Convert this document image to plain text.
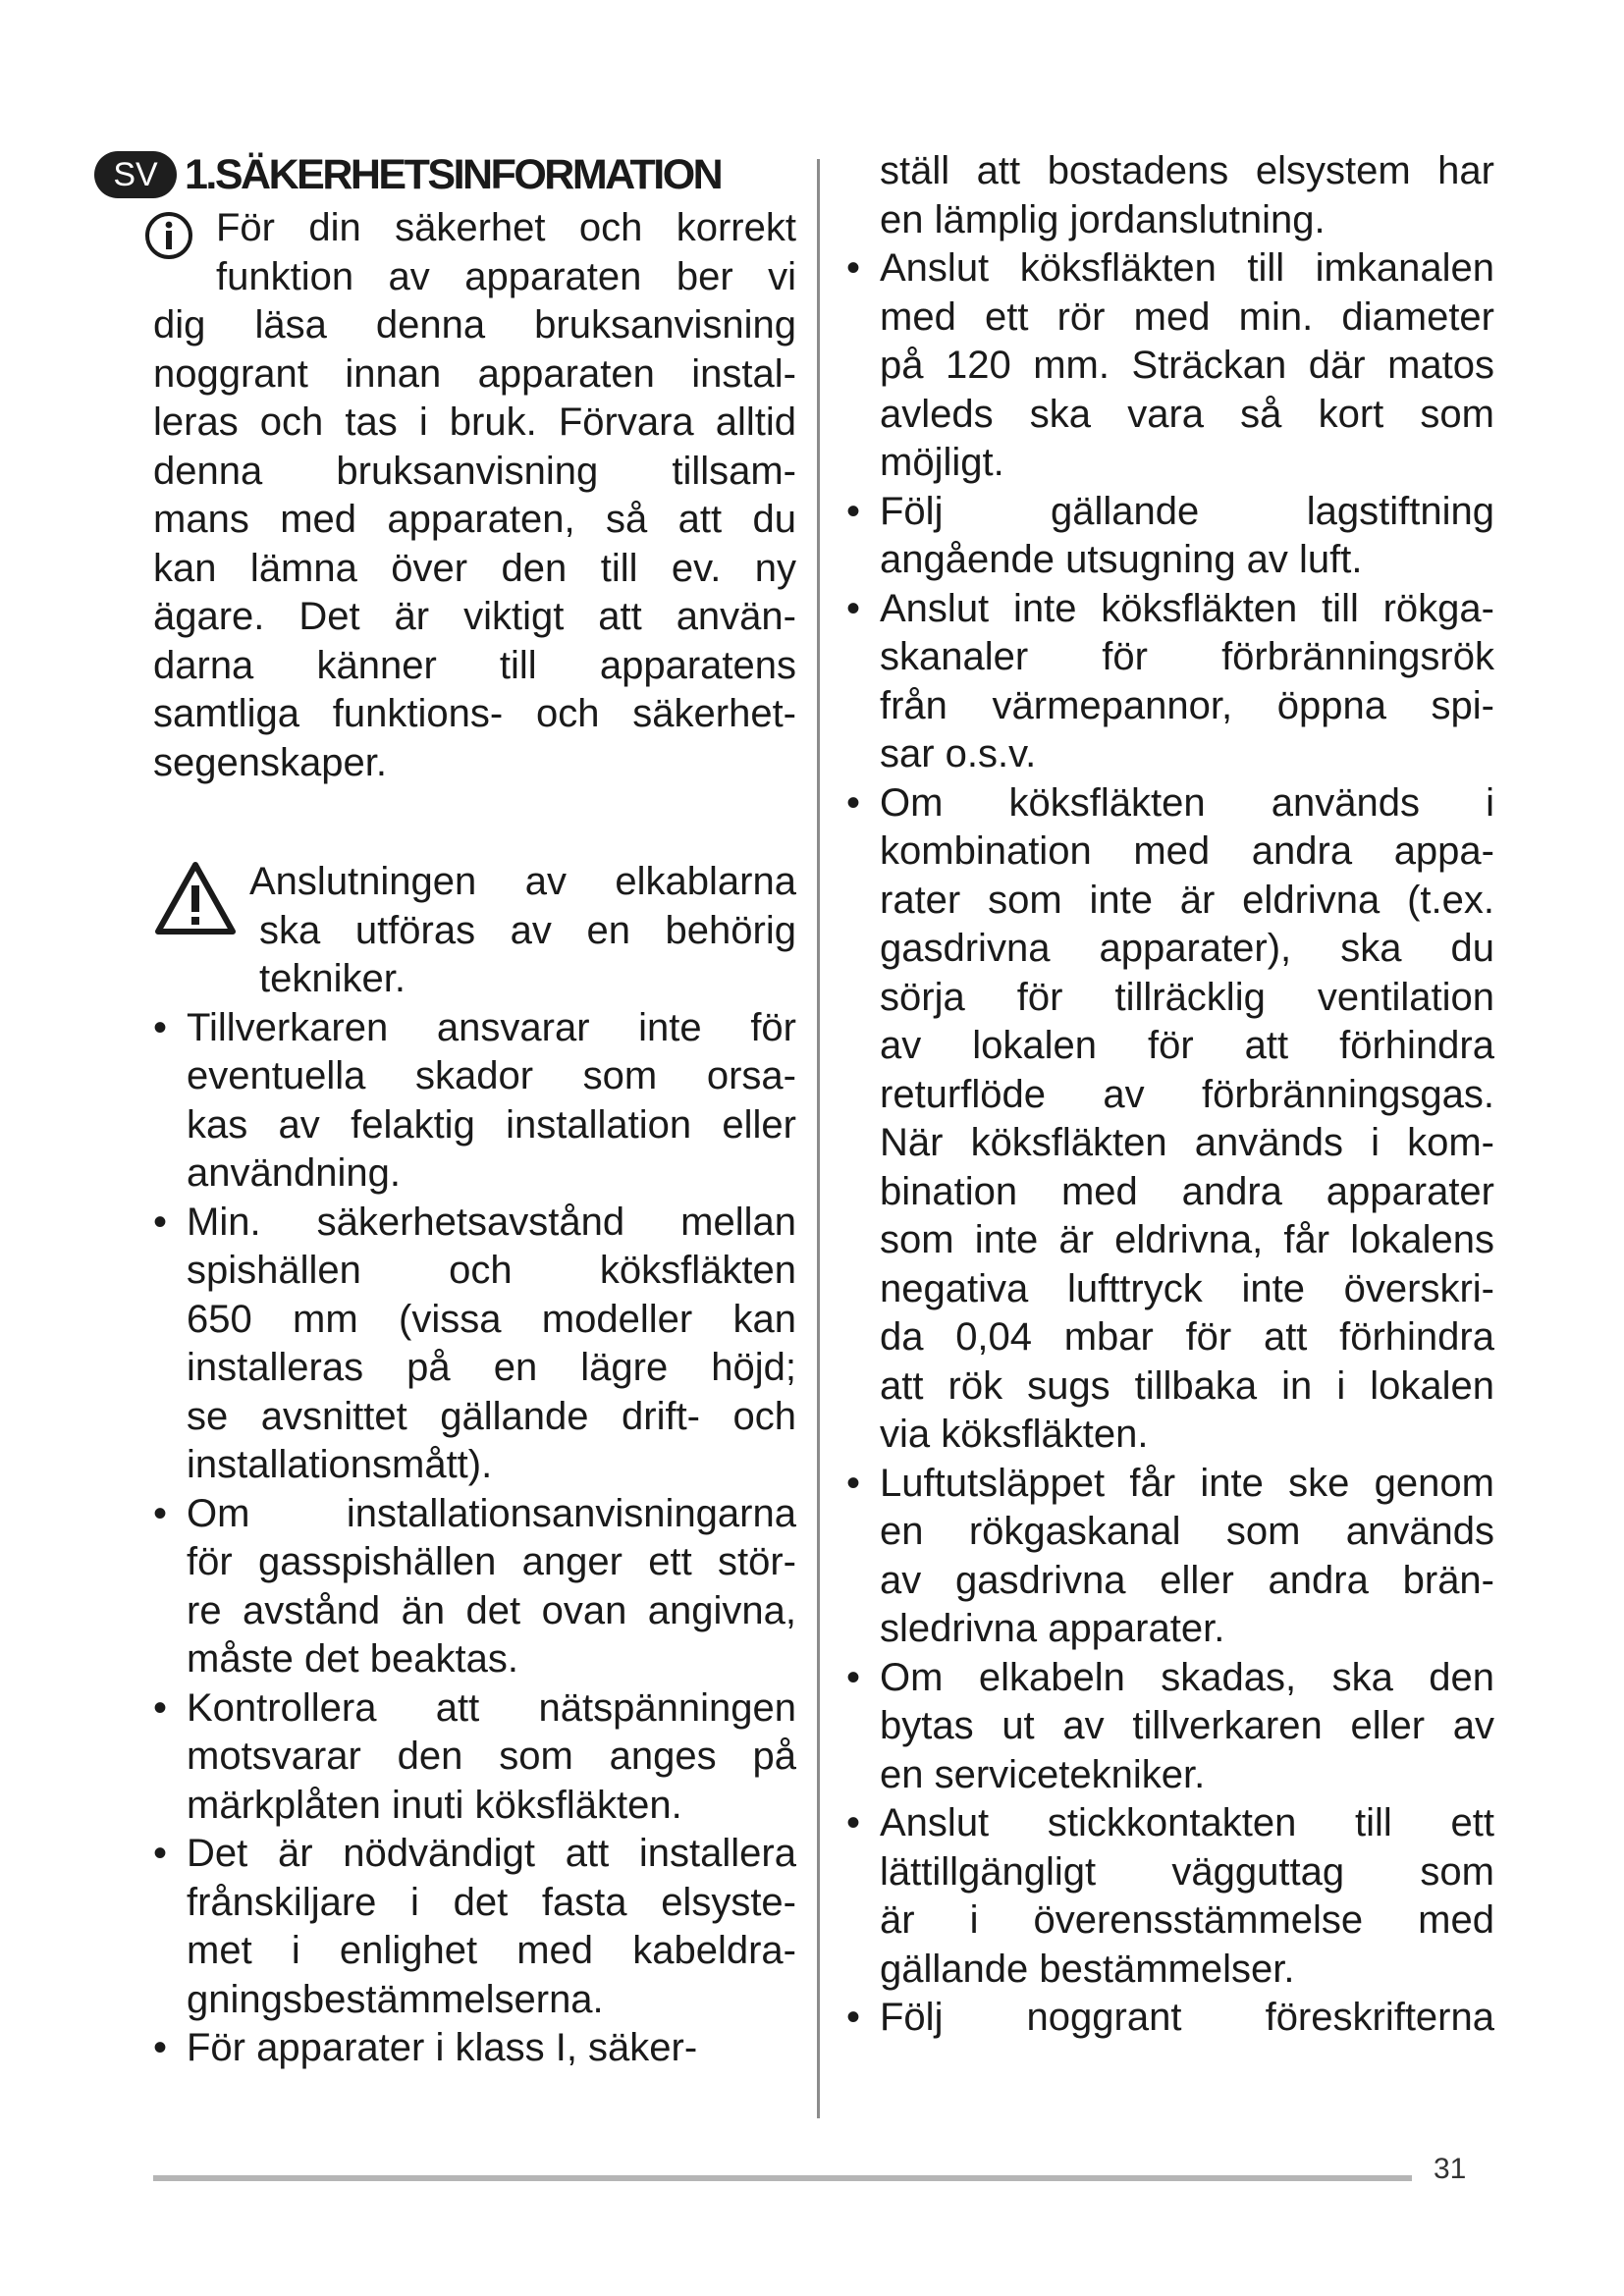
SV 1.SÄKERHETSINFORMATION
För din säkerhet och korrekt
funktion av apparaten ber vi
dig läsa denna bruksanvisning
noggrant innan apparaten instal-
leras och tas i bruk. Förvara alltid
denna bruksanvisning tillsam-
mans med apparaten, så att du
kan lämna över den till ev. ny
ägare. Det är viktigt att använ-
darna känner till apparatens
samtliga funktions- och säkerhet-
segenskaper.
Anslutningen av elkablarna
ska utföras av en behörig
tekniker.
• Tillverkaren ansvarar inte för
eventuella skador som orsa-
kas av felaktig installation eller
användning.
• Min. säkerhetsavstånd mellan
spishällen och köksfläkten
650 mm (vissa modeller kan
installeras på en lägre höjd;
se avsnittet gällande drift- och
installationsmått).
• Om installationsanvisningarna
för gasspishällen anger ett stör-
re avstånd än det ovan angivna,
måste det beaktas.
• Kontrollera att nätspänningen
motsvarar den som anges på
märkplåten inuti köksfläkten.
• Det är nödvändigt att installera
frånskiljare i det fasta elsyste-
met i enlighet med kabeldra-
gningsbestämmelserna.
• För apparater i klass I, säker-
ställ att bostadens elsystem har
en lämplig jordanslutning.
• Anslut köksfläkten till imkanalen
med ett rör med min. diameter
på 120 mm. Sträckan där matos
avleds ska vara så kort som
möjligt.
• Följ gällande lagstiftning
angående utsugning av luft.
• Anslut inte köksfläkten till rökga-
skanaler för förbränningsrök
från värmepannor, öppna spi-
sar o.s.v.
• Om köksfläkten används i
kombination med andra appa-
rater som inte är eldrivna (t.ex.
gasdrivna apparater), ska du
sörja för tillräcklig ventilation
av lokalen för att förhindra
returflöde av förbränningsgas.
När köksfläkten används i kom-
bination med andra apparater
som inte är eldrivna, får lokalens
negativa lufttryck inte överskri-
da 0,04 mbar för att förhindra
att rök sugs tillbaka in i lokalen
via köksfläkten.
• Luftutsläppet får inte ske genom
en rökgaskanal som används
av gasdrivna eller andra brän-
sledrivna apparater.
• Om elkabeln skadas, ska den
bytas ut av tillverkaren eller av
en servicetekniker.
• Anslut stickkontakten till ett
lättillgängligt vägguttag som
är i överensstämmelse med
gällande bestämmelser.
• Följ noggrant föreskrifterna
31
